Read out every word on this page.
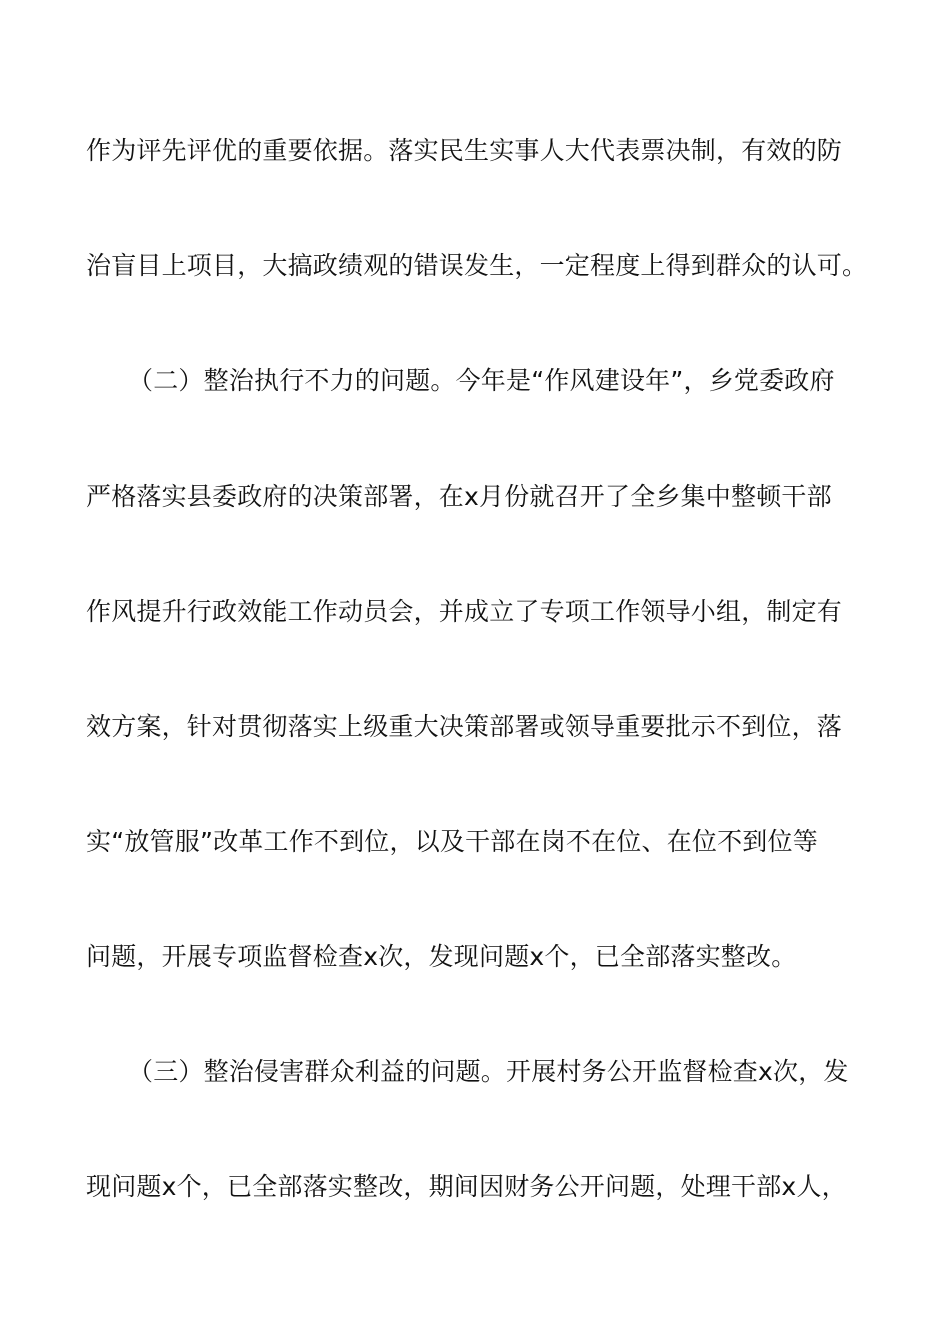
作为评先评优的重要依据。落实民生实事人大代表票决制，有效的防
治盲目上项目，大搞政绩观的错误发生，一定程度上得到群众的认可。
（二）整治执行不力的问题。今年是“作风建设年”，乡党委政府
严格落实县委政府的决策部署，在x月份就召开了全乡集中整顿干部
作风提升行政效能工作动员会，并成立了专项工作领导小组，制定有
效方案，针对贯彻落实上级重大决策部署或领导重要批示不到位，落
实“放管服”改革工作不到位，以及干部在岗不在位、在位不到位等
问题，开展专项监督检查x次，发现问题x个，已全部落实整改。
（三）整治侵害群众利益的问题。开展村务公开监督检查x次，发
现问题x个，已全部落实整改，期间因财务公开问题，处理干部x人，
